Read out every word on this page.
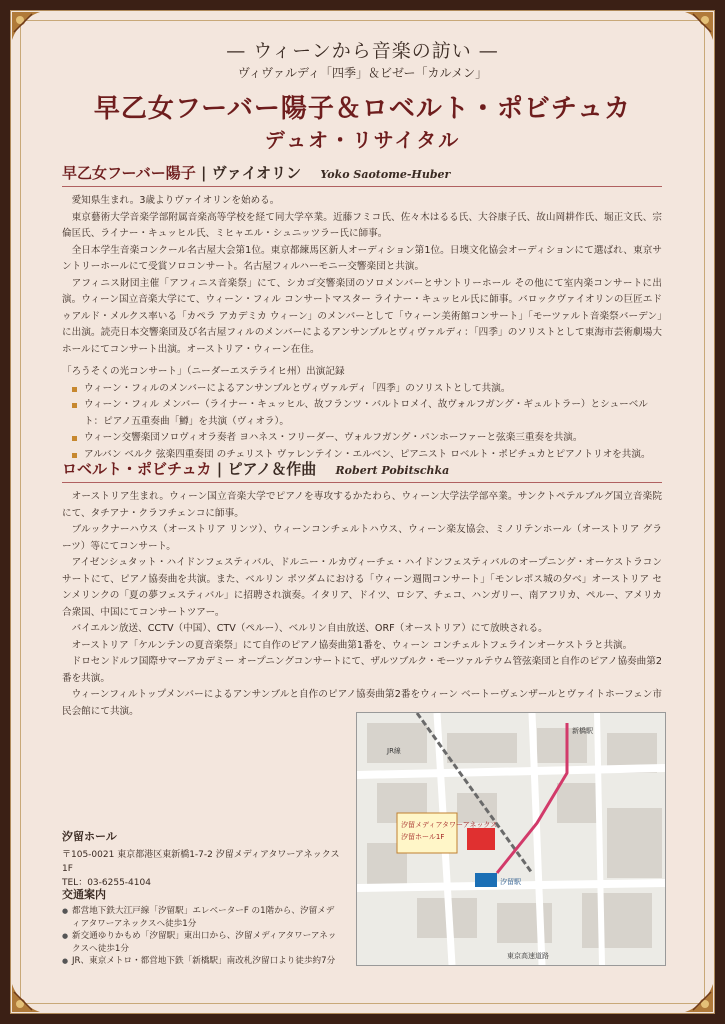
— ウィーンから音楽の訪い —
ヴィヴァルディ「四季」＆ビゼー「カルメン」
早乙女フーバー陽子＆ロベルト・ポビチュカ
デュオ・リサイタル
早乙女フーバー陽子 | ヴァイオリン Yoko Saotome-Huber

愛知県生まれ。3歳よりヴァイオリンを始める。

東京藝術大学音楽学部附属音楽高等学校を経て同大学卒業。近藤フミコ氏、佐々木はるる氏、大谷康子氏、故山岡耕作氏、堀正文氏、宗 倫匡氏、ライナー・キュッヒル氏、ミヒャエル・シュニッツラー氏に師事。

全日本学生音楽コンクール名古屋大会第1位。東京都練馬区新人オーディション第1位。日墺文化協会オーディションにて選ばれ、東京サントリーホールにて受賞ソロコンサート。名古屋フィルハーモニー交響楽団と共演。

アフィニス財団主催「アフィニス音楽祭」にて、シカゴ交響楽団のソロメンバーとサントリーホール その他にて室内楽コンサートに出演。ウィーン国立音楽大学にて、ウィーン・フィル コンサートマスター ライナー・キュッヒル氏に師事。バロックヴァイオリンの巨匠エドゥアルド・メルクス率いる「カペラ アカデミカ ウィーン」のメンバーとして「ウィーン美術館コンサート」「モーツァルト音楽祭バーデン」に出演。読売日本交響楽団及び名古屋フィルのメンバーによるアンサンブルとヴィヴァルディ：「四季」のソリストとして東海市芸術劇場大ホールにてコンサート出演。オーストリア・ウィーン在住。

「ろうそくの光コンサート」（ニーダーエステライヒ州）出演記録
ウィーン・フィルのメンバーによるアンサンブルとヴィヴァルディ「四季」のソリストとして共演。
ウィーン・フィル メンバー（ライナー・キュッヒル、故フランツ・バルトロメイ、故ヴォルフガング・ギュルトラー）とシューベルト：ピアノ五重奏曲「鱒」を共演（ヴィオラ）。
ウィーン交響楽団ソロヴィオラ奏者 ヨハネス・フリーダー、ヴォルフガング・パンホーファーと弦楽三重奏を共演。
アルバン ベルク 弦楽四重奏団 のチェリスト ヴァレンテイン・エルベン、ピアニスト ロベルト・ポビチュカとピアノトリオを共演。
ロベルト・ポビチュカ | ピアノ＆作曲 Robert Pobitschka

オーストリア生まれ。ウィーン国立音楽大学でピアノを専攻するかたわら、ウィーン大学法学部卒業。サンクトペテルブルグ国立音楽院にて、タチアナ・クラフチェンコに師事。

ブルックナーハウス（オーストリア リンツ）、ウィーンコンチェルトハウス、ウィーン楽友協会、ミノリテンホール（オーストリア グラーツ）等にてコンサート。

アイゼンシュタット・ハイドンフェスティバル、ドルニー・ルカヴィーチェ・ハイドンフェスティバルのオープニング・オーケストラコンサートにて、ピアノ協奏曲を共演。また、ベルリン ポツダムにおける「ウィーン週間コンサート」「モンレポス城の夕べ」オーストリア センメリンクの「夏の夢フェスティバル」に招聘され演奏。イタリア、ドイツ、ロシア、チェコ、ハンガリー、南アフリカ、ペルー、アメリカ合衆国、中国にてコンサートツアー。

バイエルン放送、CCTV（中国）、CTV（ペルー）、ベルリン自由放送、ORF（オーストリア）にて放映される。

オーストリア「ケルンテンの夏音楽祭」にて自作のピアノ協奏曲第1番を、ウィーン コンチェルトフェラインオーケストラと共演。

ドロセンドルフ国際サマーアカデミー オープニングコンサートにて、ザルツブルク・モーツァルテウム管弦楽団と自作のピアノ協奏曲第2番を共演。

ウィーンフィルトップメンバーによるアンサンブルと自作のピアノ協奏曲第2番をウィーン ベートーヴェンザールとヴァイトホーフェン市民会館にて共演。

汐留ホール
〒105-0021 東京都港区東新橋1-7-2 汐留メディアタワーアネックス1F
TEL：03-6255-4104
交通案内
● 都営地下鉄大江戸線「汐留駅」エレベーターF の1階から、汐留メディアタワーアネックスへ徒歩1分
● 新交通ゆりかもめ「汐留駅」東出口から、汐留メディアタワーアネックスへ徒歩1分
● JR、東京メトロ・都営地下鉄「新橋駅」南改札汐留口より徒歩約7分
汐留メディアタワーアネックス
汐留ホール1F
汐留駅
新橋駅
JR線
東京高速道路
